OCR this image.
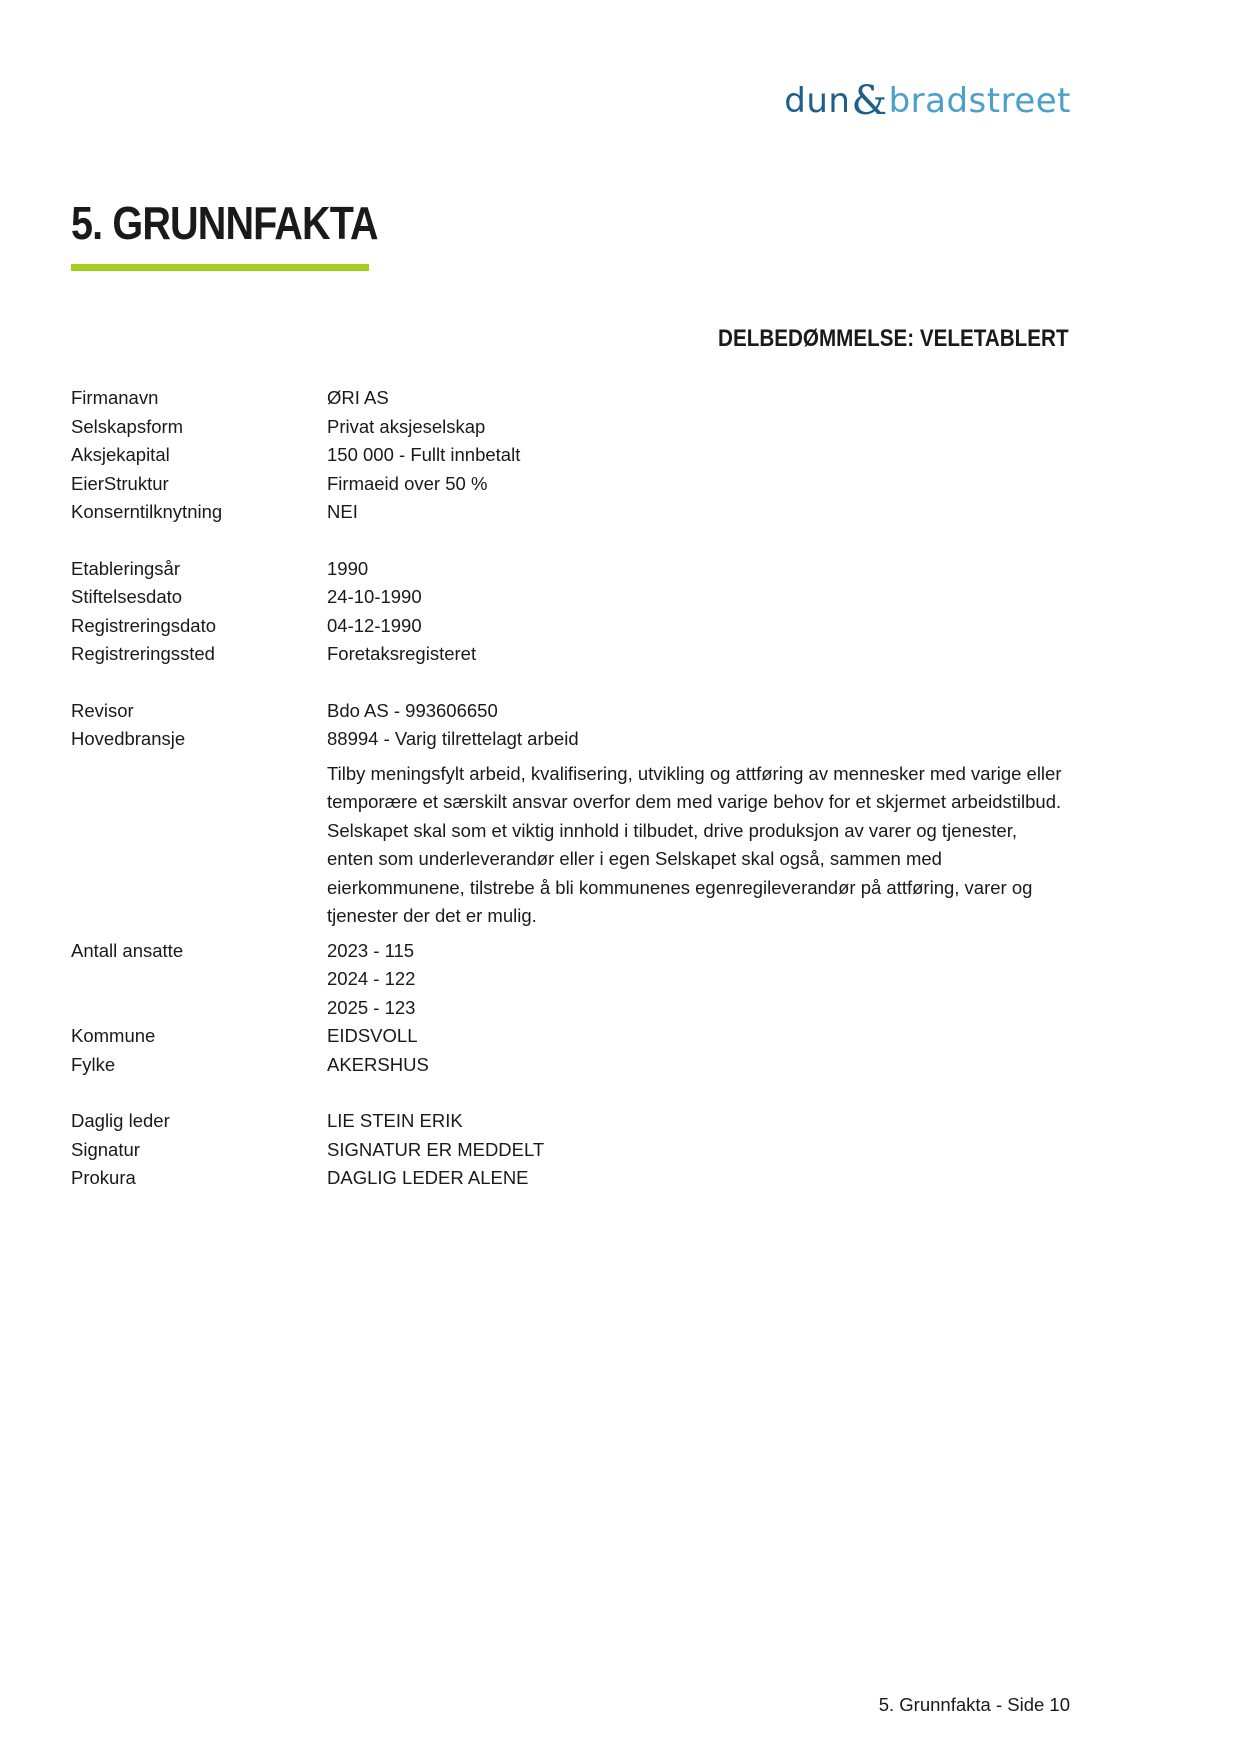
dun & bradstreet
5. GRUNNFAKTA
DELBEDØMMELSE: VELETABLERT
Firmanavn	ØRI AS
Selskapsform	Privat aksjeselskap
Aksjekapital	150 000 - Fullt innbetalt
EierStruktur	Firmaeid over 50 %
Konserntilknytning	NEI
Etableringsår	1990
Stiftelsesdato	24-10-1990
Registreringsdato	04-12-1990
Registreringssted	Foretaksregisteret
Revisor	Bdo AS - 993606650
Hovedbransje	88994 - Varig tilrettelagt arbeid
Tilby meningsfylt arbeid, kvalifisering, utvikling og attføring av mennesker med varige eller temporære et særskilt ansvar overfor dem med varige behov for et skjermet arbeidstilbud. Selskapet skal som et viktig innhold i tilbudet, drive produksjon av varer og tjenester, enten som underleverandør eller i egen Selskapet skal også, sammen med eierkommunene, tilstrebe å bli kommunenes egenregileverandør på attføring, varer og tjenester der det er mulig.
Antall ansatte	2023 - 115
2024 - 122
2025 - 123
Kommune	EIDSVOLL
Fylke	AKERSHUS
Daglig leder	LIE STEIN ERIK
Signatur	SIGNATUR ER MEDDELT
Prokura	DAGLIG LEDER ALENE
5. Grunnfakta - Side 10
